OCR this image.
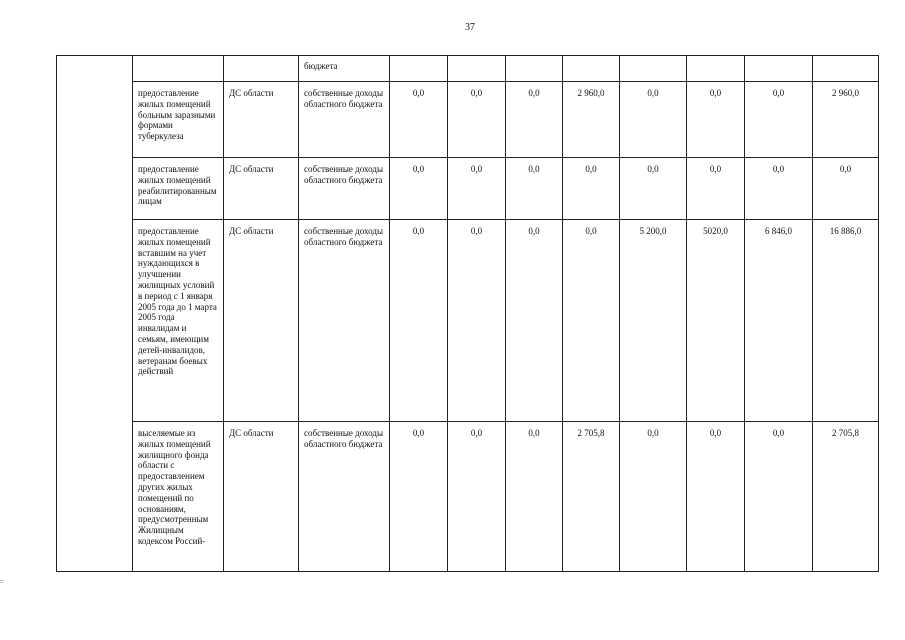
37
			бюджета								
	предоставление жилых помещений больным заразными формами туберкулеза	ДС области	собственные доходы областного бюджета	0,0	0,0	0,0	2 960,0	0,0	0,0	0,0	2 960,0
	предоставление жилых помещений реабилитированным лицам	ДС области	собственные доходы областного бюджета	0,0	0,0	0,0	0,0	0,0	0,0	0,0	0,0
	предоставление жилых помещений вставшим на учет нуждающихся в улучшении жилищных условий в период с 1 января 2005 года до 1 марта 2005 года инвалидам и семьям, имеющим детей-инвалидов, ветеранам боевых действий	ДС области	собственные доходы областного бюджета	0,0	0,0	0,0	0,0	5 200,0	5020,0	6 846,0	16 886,0
	выселяемые из жилых помещений жилищного фонда области с предоставлением других жилых помещений по основаниям, предусмотренным Жилищным кодексом Россий-	ДС области	собственные доходы областного бюджета	0,0	0,0	0,0	2 705,8	0,0	0,0	0,0	2 705,8
=
